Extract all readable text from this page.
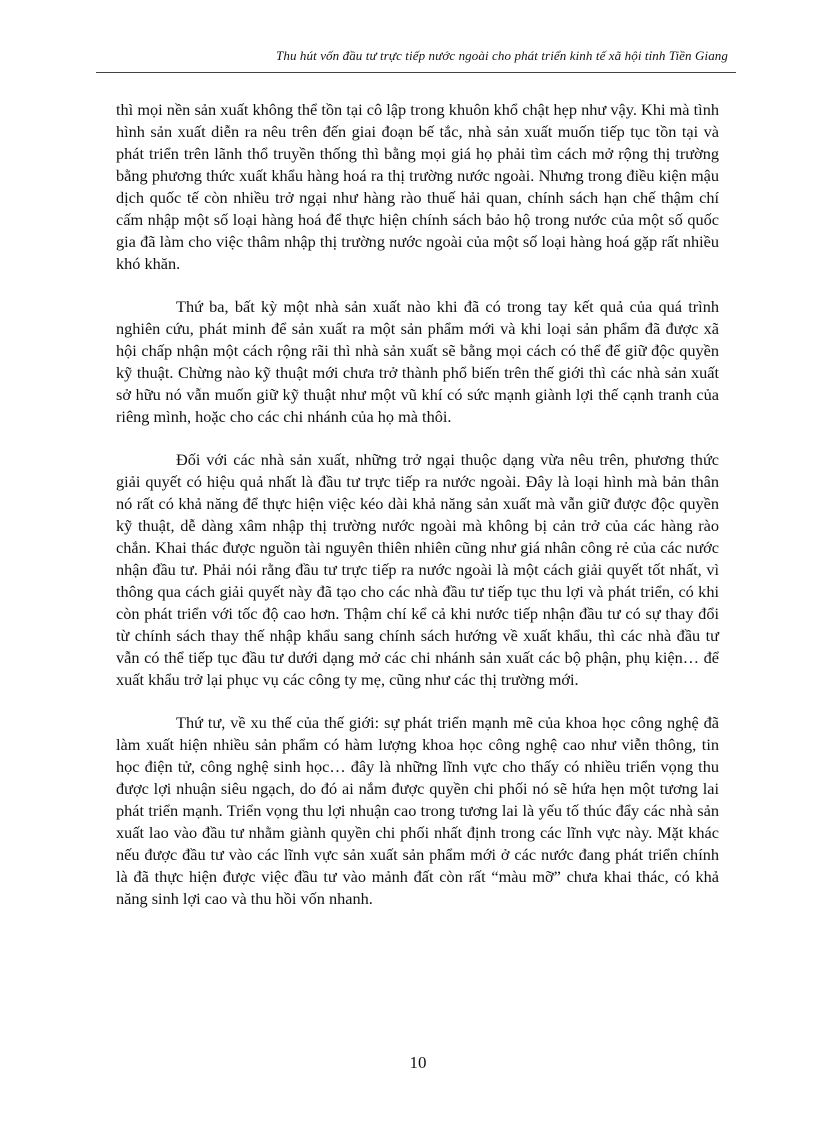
Thu hút vốn đầu tư trực tiếp nước ngoài cho phát triển kinh tế xã hội tỉnh Tiền Giang

thì mọi nền sản xuất không thể tồn tại cô lập trong khuôn khổ chật hẹp như vậy. Khi mà tình hình sản xuất diễn ra nêu trên đến giai đoạn bế tắc, nhà sản xuất muốn tiếp tục tồn tại và phát triển trên lãnh thổ truyền thống thì bằng mọi giá họ phải tìm cách mở rộng thị trường bằng phương thức xuất khẩu hàng hoá ra thị trường nước ngoài. Nhưng trong điều kiện mậu dịch quốc tế còn nhiều trở ngại như hàng rào thuế hải quan, chính sách hạn chế thậm chí cấm nhập một số loại hàng hoá để thực hiện chính sách bảo hộ trong nước của một số quốc gia đã làm cho việc thâm nhập thị trường nước ngoài của một số loại hàng hoá gặp rất nhiều khó khăn.

Thứ ba, bất kỳ một nhà sản xuất nào khi đã có trong tay kết quả của quá trình nghiên cứu, phát minh để sản xuất ra một sản phẩm mới và khi loại sản phẩm đã được xã hội chấp nhận một cách rộng rãi thì nhà sản xuất sẽ bằng mọi cách có thể để giữ độc quyền kỹ thuật. Chừng nào kỹ thuật mới chưa trở thành phổ biến trên thế giới thì các nhà sản xuất sở hữu nó vẫn muốn giữ kỹ thuật như một vũ khí có sức mạnh giành lợi thế cạnh tranh của riêng mình, hoặc cho các chi nhánh của họ mà thôi.

Đối với các nhà sản xuất, những trở ngại thuộc dạng vừa nêu trên, phương thức giải quyết có hiệu quả nhất là đầu tư trực tiếp ra nước ngoài. Đây là loại hình mà bản thân nó rất có khả năng để thực hiện việc kéo dài khả năng sản xuất mà vẫn giữ được độc quyền kỹ thuật, dễ dàng xâm nhập thị trường nước ngoài mà không bị cản trở của các hàng rào chắn. Khai thác được nguồn tài nguyên thiên nhiên cũng như giá nhân công rẻ của các nước nhận đầu tư. Phải nói rằng đầu tư trực tiếp ra nước ngoài là một cách giải quyết tốt nhất, vì thông qua cách giải quyết này đã tạo cho các nhà đầu tư tiếp tục thu lợi và phát triển, có khi còn phát triển với tốc độ cao hơn. Thậm chí kể cả khi nước tiếp nhận đầu tư có sự thay đổi từ chính sách thay thế nhập khẩu sang chính sách hướng về xuất khẩu, thì các nhà đầu tư vẫn có thể tiếp tục đầu tư dưới dạng mở các chi nhánh sản xuất các bộ phận, phụ kiện… để xuất khẩu trở lại phục vụ các công ty mẹ, cũng như các thị trường mới.

Thứ tư, về xu thế của thế giới: sự phát triển mạnh mẽ của khoa học công nghệ đã làm xuất hiện nhiều sản phẩm có hàm lượng khoa học công nghệ cao như viễn thông, tin học điện tử, công nghệ sinh học… đây là những lĩnh vực cho thấy có nhiều triển vọng thu được lợi nhuận siêu ngạch, do đó ai nắm được quyền chi phối nó sẽ hứa hẹn một tương lai phát triển mạnh. Triển vọng thu lợi nhuận cao trong tương lai là yếu tố thúc đẩy các nhà sản xuất lao vào đầu tư nhằm giành quyền chi phối nhất định trong các lĩnh vực này. Mặt khác nếu được đầu tư vào các lĩnh vực sản xuất sản phẩm mới ở các nước đang phát triển chính là đã thực hiện được việc đầu tư vào mảnh đất còn rất “màu mỡ” chưa khai thác, có khả năng sinh lợi cao và thu hồi vốn nhanh.

10
